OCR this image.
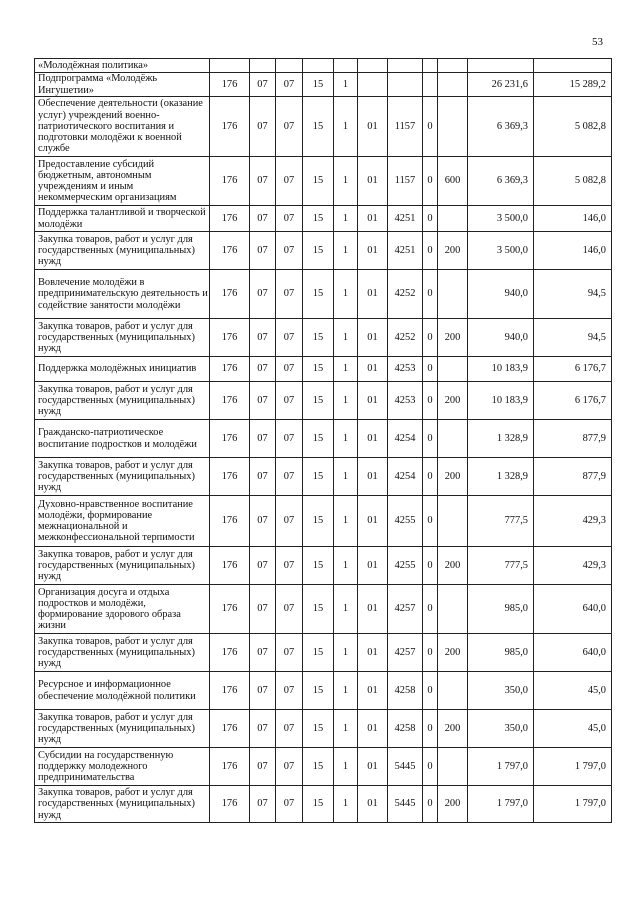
53
«Молодёжная политика»											
Подпрограмма «Молодёжь Ингушетии»	176	07	07	15	1					26 231,6	15 289,2
Обеспечение деятельности (оказание услуг) учреждений военно-патриотического воспитания и подготовки молодёжи к военной службе	176	07	07	15	1	01	1157	0		6 369,3	5 082,8
Предоставление субсидий бюджетным, автономным учреждениям и иным некоммерческим организациям	176	07	07	15	1	01	1157	0	600	6 369,3	5 082,8
Поддержка талантливой и творческой молодёжи	176	07	07	15	1	01	4251	0		3 500,0	146,0
Закупка товаров, работ и услуг для государственных (муниципальных) нужд	176	07	07	15	1	01	4251	0	200	3 500,0	146,0
Вовлечение молодёжи в предпринимательскую деятельность и содействие занятости молодёжи	176	07	07	15	1	01	4252	0		940,0	94,5
Закупка товаров, работ и услуг для государственных (муниципальных) нужд	176	07	07	15	1	01	4252	0	200	940,0	94,5
Поддержка молодёжных инициатив	176	07	07	15	1	01	4253	0		10 183,9	6 176,7
Закупка товаров, работ и услуг для государственных (муниципальных) нужд	176	07	07	15	1	01	4253	0	200	10 183,9	6 176,7
Гражданско-патриотическое воспитание подростков и молодёжи	176	07	07	15	1	01	4254	0		1 328,9	877,9
Закупка товаров, работ и услуг для государственных (муниципальных) нужд	176	07	07	15	1	01	4254	0	200	1 328,9	877,9
Духовно-нравственное воспитание молодёжи, формирование межнациональной и межконфессиональной терпимости	176	07	07	15	1	01	4255	0		777,5	429,3
Закупка товаров, работ и услуг для государственных (муниципальных) нужд	176	07	07	15	1	01	4255	0	200	777,5	429,3
Организация досуга и отдыха подростков и молодёжи, формирование здорового образа жизни	176	07	07	15	1	01	4257	0		985,0	640,0
Закупка товаров, работ и услуг для государственных (муниципальных) нужд	176	07	07	15	1	01	4257	0	200	985,0	640,0
Ресурсное и информационное обеспечение молодёжной политики	176	07	07	15	1	01	4258	0		350,0	45,0
Закупка товаров, работ и услуг для государственных (муниципальных) нужд	176	07	07	15	1	01	4258	0	200	350,0	45,0
Субсидии на государственную поддержку молодежного предпринимательства	176	07	07	15	1	01	5445	0		1 797,0	1 797,0
Закупка товаров, работ и услуг для государственных (муниципальных) нужд	176	07	07	15	1	01	5445	0	200	1 797,0	1 797,0
